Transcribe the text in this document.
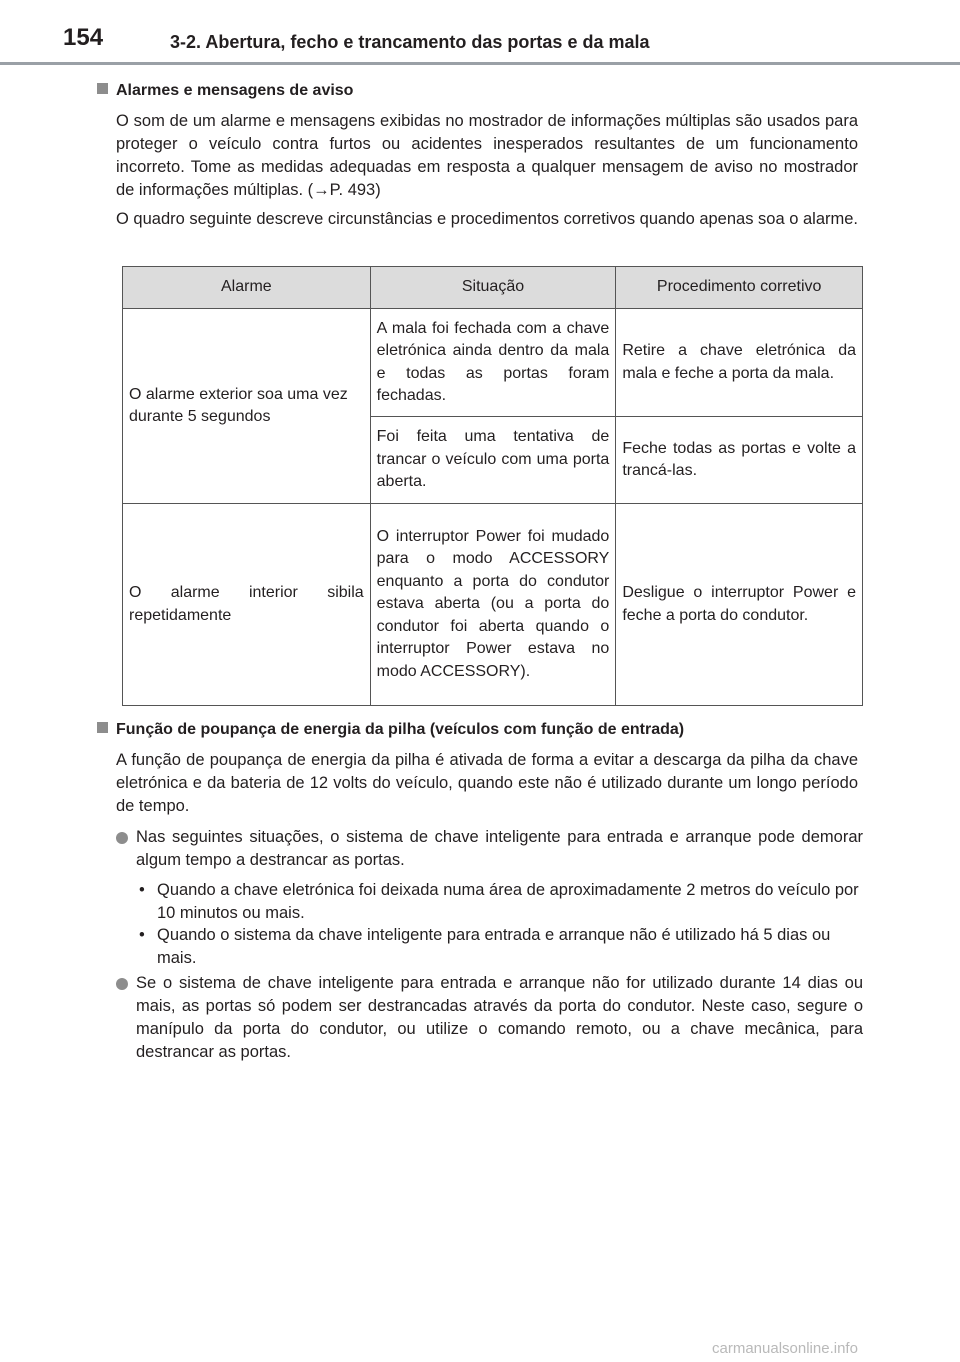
154	3-2. Abertura, fecho e trancamento das portas e da mala
Alarmes e mensagens de aviso
O som de um alarme e mensagens exibidas no mostrador de informações múltiplas são usados para proteger o veículo contra furtos ou acidentes inesperados resultantes de um funcionamento incorreto. Tome as medidas adequadas em resposta a qualquer mensagem de aviso no mostrador de informações múltiplas. (→P. 493)
O quadro seguinte descreve circunstâncias e procedimentos corretivos quando apenas soa o alarme.
Alarme	Situação	Procedimento corretivo
O alarme exterior soa uma vez durante 5 segundos	A mala foi fechada com a chave eletrónica ainda dentro da mala e todas as portas foram fechadas.	Retire a chave eletrónica da mala e feche a porta da mala.
	Foi feita uma tentativa de trancar o veículo com uma porta aberta.	Feche todas as portas e volte a trancá-las.
O alarme interior sibila repetidamente	O interruptor Power foi mudado para o modo ACCESSORY enquanto a porta do condutor estava aberta (ou a porta do condutor foi aberta quando o interruptor Power estava no modo ACCESSORY).	Desligue o interruptor Power e feche a porta do condutor.
Função de poupança de energia da pilha (veículos com função de entrada)
A função de poupança de energia da pilha é ativada de forma a evitar a descarga da pilha da chave eletrónica e da bateria de 12 volts do veículo, quando este não é utilizado durante um longo período de tempo.
Nas seguintes situações, o sistema de chave inteligente para entrada e arranque pode demorar algum tempo a destrancar as portas.
• Quando a chave eletrónica foi deixada numa área de aproximadamente 2 metros do veículo por 10 minutos ou mais.
• Quando o sistema da chave inteligente para entrada e arranque não é utilizado há 5 dias ou mais.
Se o sistema de chave inteligente para entrada e arranque não for utilizado durante 14 dias ou mais, as portas só podem ser destrancadas através da porta do condutor. Neste caso, segure o manípulo da porta do condutor, ou utilize o comando remoto, ou a chave mecânica, para destrancar as portas.
carmanualsonline.info
